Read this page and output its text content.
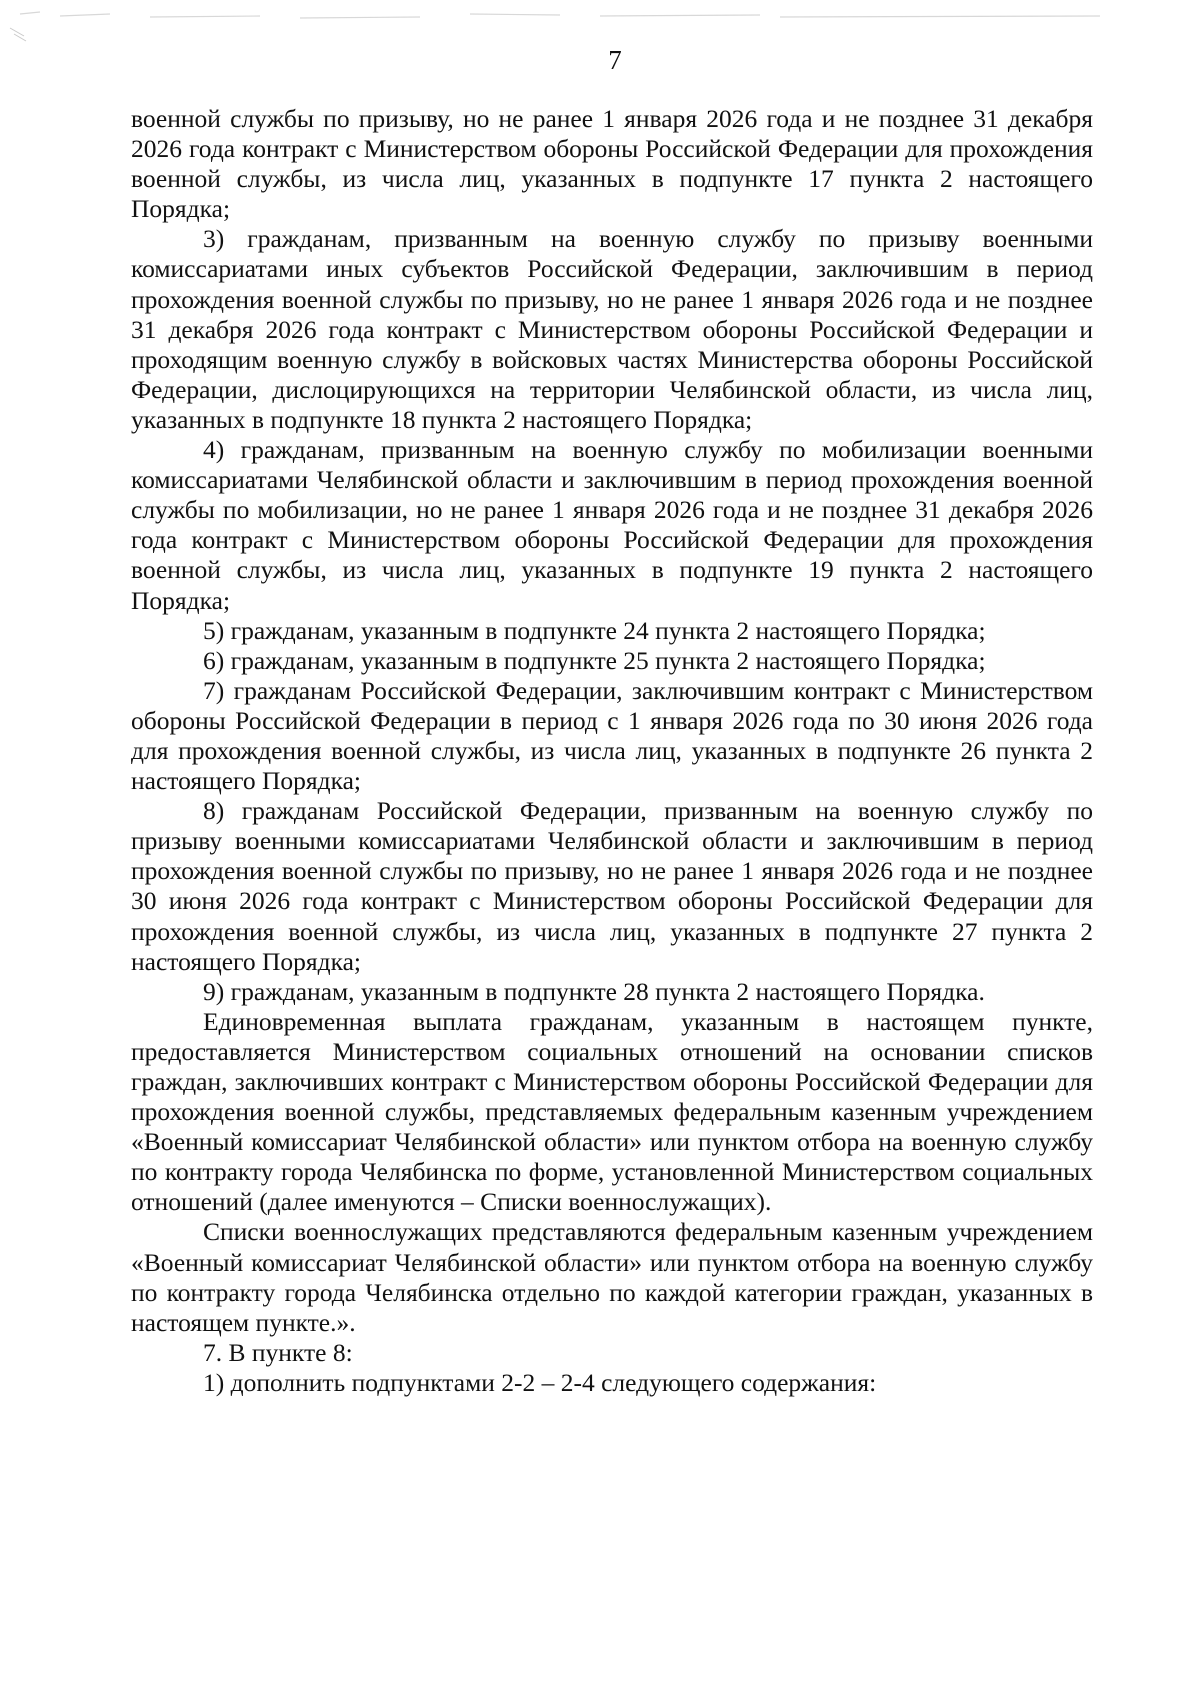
7

военной службы по призыву, но не ранее 1 января 2026 года и не позднее 31 декабря 2026 года контракт с Министерством обороны Российской Федерации для прохождения военной службы, из числа лиц, указанных в подпункте 17 пункта 2 настоящего Порядка;

3) гражданам, призванным на военную службу по призыву военными комиссариатами иных субъектов Российской Федерации, заключившим в период прохождения военной службы по призыву, но не ранее 1 января 2026 года и не позднее 31 декабря 2026 года контракт с Министерством обороны Российской Федерации и проходящим военную службу в войсковых частях Министерства обороны Российской Федерации, дислоцирующихся на территории Челябинской области, из числа лиц, указанных в подпункте 18 пункта 2 настоящего Порядка;

4) гражданам, призванным на военную службу по мобилизации военными комиссариатами Челябинской области и заключившим в период прохождения военной службы по мобилизации, но не ранее 1 января 2026 года и не позднее 31 декабря 2026 года контракт с Министерством обороны Российской Федерации для прохождения военной службы, из числа лиц, указанных в подпункте 19 пункта 2 настоящего Порядка;

5) гражданам, указанным в подпункте 24 пункта 2 настоящего Порядка;

6) гражданам, указанным в подпункте 25 пункта 2 настоящего Порядка;

7) гражданам Российской Федерации, заключившим контракт с Министерством обороны Российской Федерации в период с 1 января 2026 года по 30 июня 2026 года для прохождения военной службы, из числа лиц, указанных в подпункте 26 пункта 2 настоящего Порядка;

8) гражданам Российской Федерации, призванным на военную службу по призыву военными комиссариатами Челябинской области и заключившим в период прохождения военной службы по призыву, но не ранее 1 января 2026 года и не позднее 30 июня 2026 года контракт с Министерством обороны Российской Федерации для прохождения военной службы, из числа лиц, указанных в подпункте 27 пункта 2 настоящего Порядка;

9) гражданам, указанным в подпункте 28 пункта 2 настоящего Порядка.

Единовременная выплата гражданам, указанным в настоящем пункте, предоставляется Министерством социальных отношений на основании списков граждан, заключивших контракт с Министерством обороны Российской Федерации для прохождения военной службы, представляемых федеральным казенным учреждением «Военный комиссариат Челябинской области» или пунктом отбора на военную службу по контракту города Челябинска по форме, установленной Министерством социальных отношений (далее именуются – Списки военнослужащих).

Списки военнослужащих представляются федеральным казенным учреждением «Военный комиссариат Челябинской области» или пунктом отбора на военную службу по контракту города Челябинска отдельно по каждой категории граждан, указанных в настоящем пункте.».

7. В пункте 8:

1) дополнить подпунктами 2-2 – 2-4 следующего содержания:
